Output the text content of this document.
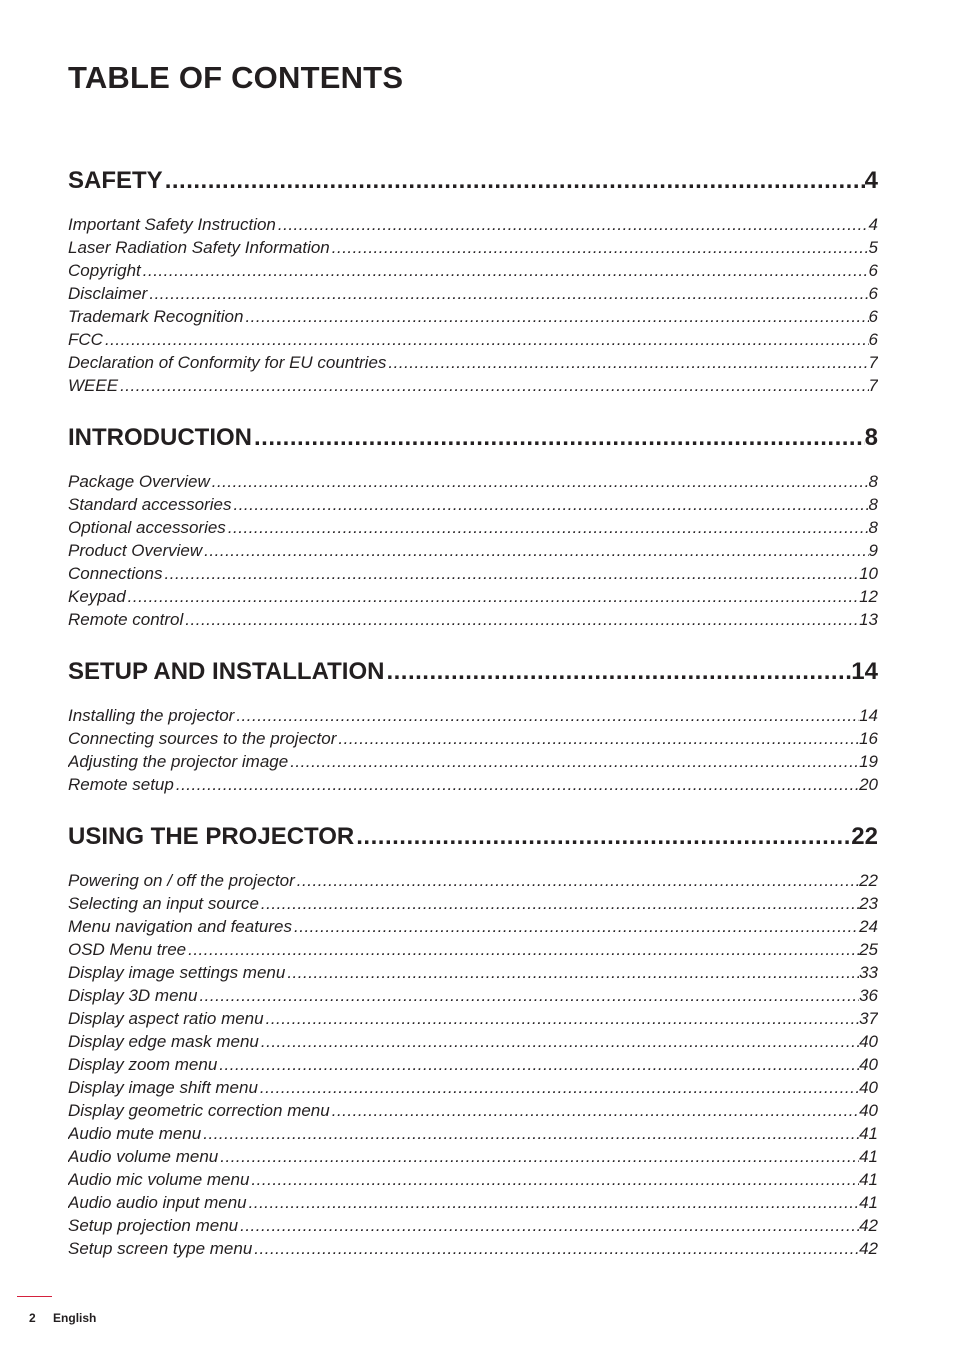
TABLE OF CONTENTS
SAFETY .....	4
Important Safety Instruction .....	4
Laser Radiation Safety Information .....	5
Copyright .....	6
Disclaimer .....	6
Trademark Recognition .....	6
FCC .....	6
Declaration of Conformity for EU countries .....	7
WEEE .....	7
INTRODUCTION .....	8
Package Overview .....	8
Standard accessories .....	8
Optional accessories .....	8
Product Overview .....	9
Connections .....	10
Keypad .....	12
Remote control .....	13
SETUP AND INSTALLATION .....	14
Installing the projector .....	14
Connecting sources to the projector .....	16
Adjusting the projector image .....	19
Remote setup .....	20
USING THE PROJECTOR .....	22
Powering on / off the projector .....	22
Selecting an input source .....	23
Menu navigation and features .....	24
OSD Menu tree .....	25
Display image settings menu .....	33
Display 3D menu .....	36
Display aspect ratio menu .....	37
Display edge mask menu .....	40
Display zoom menu .....	40
Display image shift menu .....	40
Display geometric correction menu .....	40
Audio mute menu .....	41
Audio volume menu .....	41
Audio mic volume menu .....	41
Audio audio input menu .....	41
Setup projection menu .....	42
Setup screen type menu .....	42
2 English
